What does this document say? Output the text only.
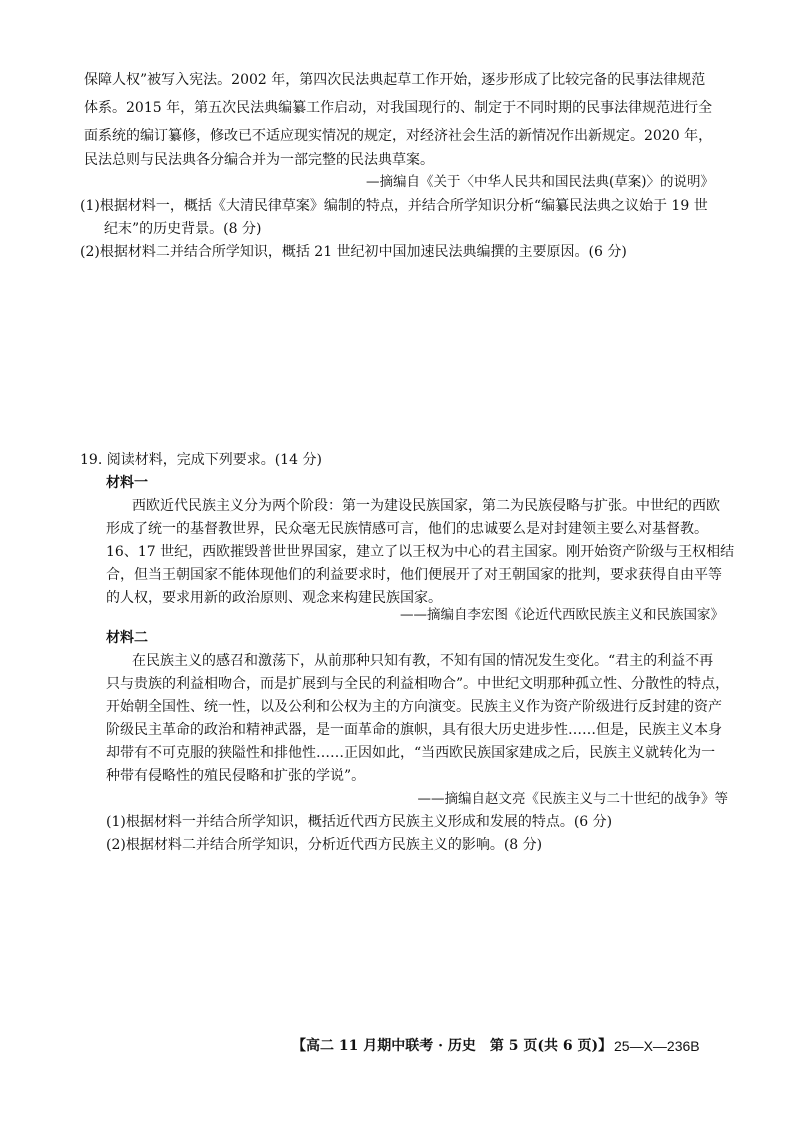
保障人权”被写入宪法。2002 年，第四次民法典起草工作开始，逐步形成了比较完备的民事法律规范

体系。2015 年，第五次民法典编纂工作启动，对我国现行的、制定于不同时期的民事法律规范进行全

面系统的编订纂修，修改已不适应现实情况的规定，对经济社会生活的新情况作出新规定。2020 年，

民法总则与民法典各分编合并为一部完整的民法典草案。

—摘编自《关于〈中华人民共和国民法典(草案)〉的说明》

(1)根据材料一，概括《大清民律草案》编制的特点，并结合所学知识分析“编纂民法典之议始于 19 世

纪末”的历史背景。(8 分)

(2)根据材料二并结合所学知识，概括 21 世纪初中国加速民法典编撰的主要原因。(6 分)

19. 阅读材料，完成下列要求。(14 分)

材料一

西欧近代民族主义分为两个阶段：第一为建设民族国家，第二为民族侵略与扩张。中世纪的西欧

形成了统一的基督教世界，民众毫无民族情感可言，他们的忠诚要么是对封建领主要么对基督教。

16、17 世纪，西欧摧毁普世世界国家，建立了以王权为中心的君主国家。刚开始资产阶级与王权相结

合，但当王朝国家不能体现他们的利益要求时，他们便展开了对王朝国家的批判，要求获得自由平等

的人权，要求用新的政治原则、观念来构建民族国家。

——摘编自李宏图《论近代西欧民族主义和民族国家》

材料二

在民族主义的感召和激荡下，从前那种只知有教，不知有国的情况发生变化。“君主的利益不再

只与贵族的利益相吻合，而是扩展到与全民的利益相吻合”。中世纪文明那种孤立性、分散性的特点，

开始朝全国性、统一性，以及公利和公权为主的方向演变。民族主义作为资产阶级进行反封建的资产

阶级民主革命的政治和精神武器，是一面革命的旗帜，具有很大历史进步性……但是，民族主义本身

却带有不可克服的狭隘性和排他性……正因如此，“当西欧民族国家建成之后，民族主义就转化为一

种带有侵略性的殖民侵略和扩张的学说”。

——摘编自赵文亮《民族主义与二十世纪的战争》等

(1)根据材料一并结合所学知识，概括近代西方民族主义形成和发展的特点。(6 分)

(2)根据材料二并结合所学知识，分析近代西方民族主义的影响。(8 分)

【高二 11 月期中联考 · 历史　第 5 页(共 6 页)】 25—X—236B
